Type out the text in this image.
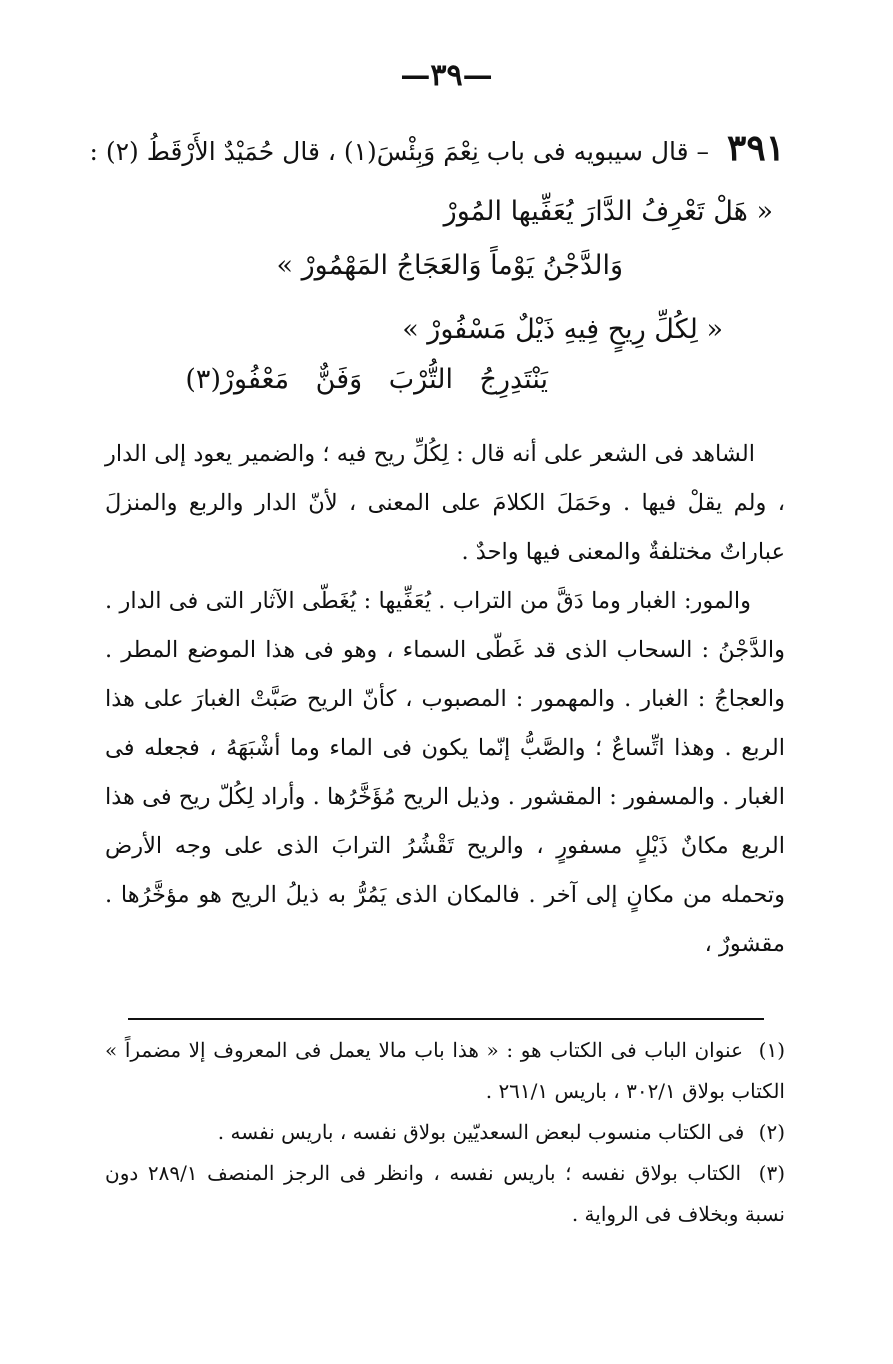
—٣٩—
٣٩١ – قال سيبويه فى باب نِعْمَ وَبِئْسَ(١) ، قال حُمَيْدٌ الأَرْقَطُ (٢) :
« هَلْ تَعْرِفُ الدَّارَ يُعَفِّيها المُورْ
وَالدَّجْنُ يَوْماً وَالعَجَاجُ المَهْمُورْ »
« لِكُلِّ رِيحٍ فِيهِ ذَيْلٌ مَسْفُورْ »
يَنْتَدِرِجُ التُّرْبَ وَفَنٌّ مَعْفُورْ(٣)

الشاهد فى الشعر على أنه قال : لِكُلِّ ريح فيه ؛ والضمير يعود إلى الدار ، ولم يقلْ فيها . وحَمَلَ الكلامَ على المعنى ، لأنّ الدار والربع والمنزلَ عباراتٌ مختلفةٌ والمعنى فيها واحدٌ .

والمور: الغبار وما دَقَّ من التراب . يُعَفِّيها : يُغَطّى الآثار التى فى الدار . والدَّجْنُ : السحاب الذى قد غَطّى السماء ، وهو فى هذا الموضع المطر . والعجاجُ : الغبار . والمهمور : المصبوب ، كأنّ الريح صَبَّتْ الغبارَ على هذا الربع . وهذا اتِّساعٌ ؛ والصَّبُّ إنّما يكون فى الماء وما أشْبَهَهُ ، فجعله فى الغبار . والمسفور : المقشور . وذيل الريح مُؤَخَّرُها . وأراد لِكُلّ ريح فى هذا الربع مكانٌ ذَيْلٍ مسفورٍ ، والريح تَقْشُرُ الترابَ الذى على وجه الأرض وتحمله من مكانٍ إلى آخر . فالمكان الذى يَمُرُّ به ذيلُ الريح هو مؤخَّرُها . مقشورٌ ،

(١) عنوان الباب فى الكتاب هو : « هذا باب مالا يعمل فى المعروف إلا مضمراً » الكتاب بولاق ٣٠٢/١ ، باريس ٢٦١/١ .

(٢) فى الكتاب منسوب لبعض السعديّين بولاق نفسه ، باريس نفسه .

(٣) الكتاب بولاق نفسه ؛ باريس نفسه ، وانظر فى الرجز المنصف ٢٨٩/١ دون نسبة وبخلاف فى الرواية .
